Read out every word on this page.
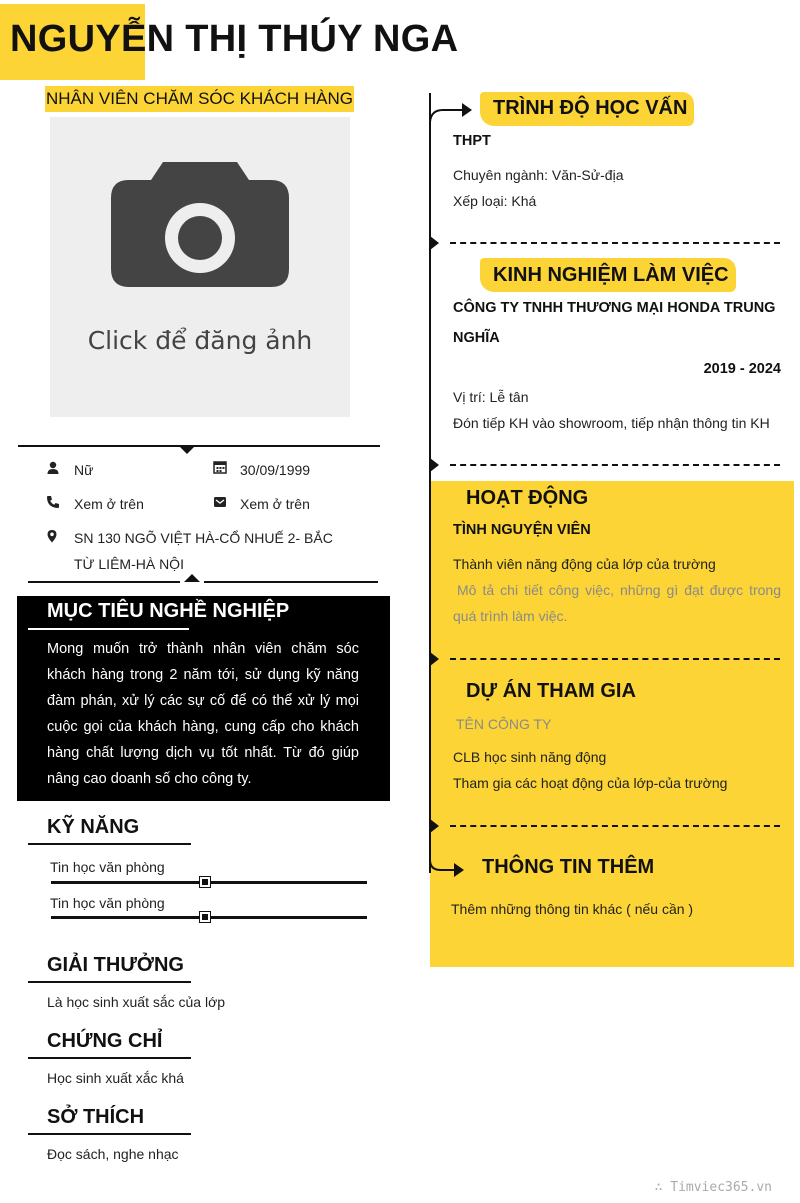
NGUYỄN THỊ THÚY NGA
NHÂN VIÊN CHĂM SÓC KHÁCH HÀNG
Click để đăng ảnh
Nữ	30/09/1999
Xem ở trên	Xem ở trên
SN 130 NGÕ VIỆT HÀ-CỔ NHUẾ 2- BẮC
TỪ LIÊM-HÀ NỘI
MỤC TIÊU NGHỀ NGHIỆP
Mong muốn trở thành nhân viên chăm sóc khách hàng trong 2 năm tới, sử dụng kỹ năng đàm phán, xử lý các sự cố để có thể xử lý mọi cuộc gọi của khách hàng, cung cấp cho khách hàng chất lượng dịch vụ tốt nhất. Từ đó giúp nâng cao doanh số cho công ty.
KỸ NĂNG
Tin học văn phòng
Tin học văn phòng
GIẢI THƯỞNG
Là học sinh xuất sắc của lớp
CHỨNG CHỈ
Học sinh xuất xắc khá
SỞ THÍCH
Đọc sách, nghe nhạc
TRÌNH ĐỘ HỌC VẤN
THPT
Chuyên ngành: Văn-Sử-địa
Xếp loại: Khá
KINH NGHIỆM LÀM VIỆC
CÔNG TY TNHH THƯƠNG MẠI HONDA TRUNG
NGHĨA
2019 - 2024
Vị trí: Lễ tân
Đón tiếp KH vào showroom, tiếp nhận thông tin KH
HOẠT ĐỘNG
TÌNH NGUYỆN VIÊN
Thành viên năng động của lớp của trường
Mô tả chi tiết công việc, những gì đạt được trong quá trình làm việc.
DỰ ÁN THAM GIA
TÊN CÔNG TY
CLB học sinh năng động
Tham gia các hoạt động của lớp-của trường
THÔNG TIN THÊM
Thêm những thông tin khác ( nếu cần )
∴ Timviec365.vn
